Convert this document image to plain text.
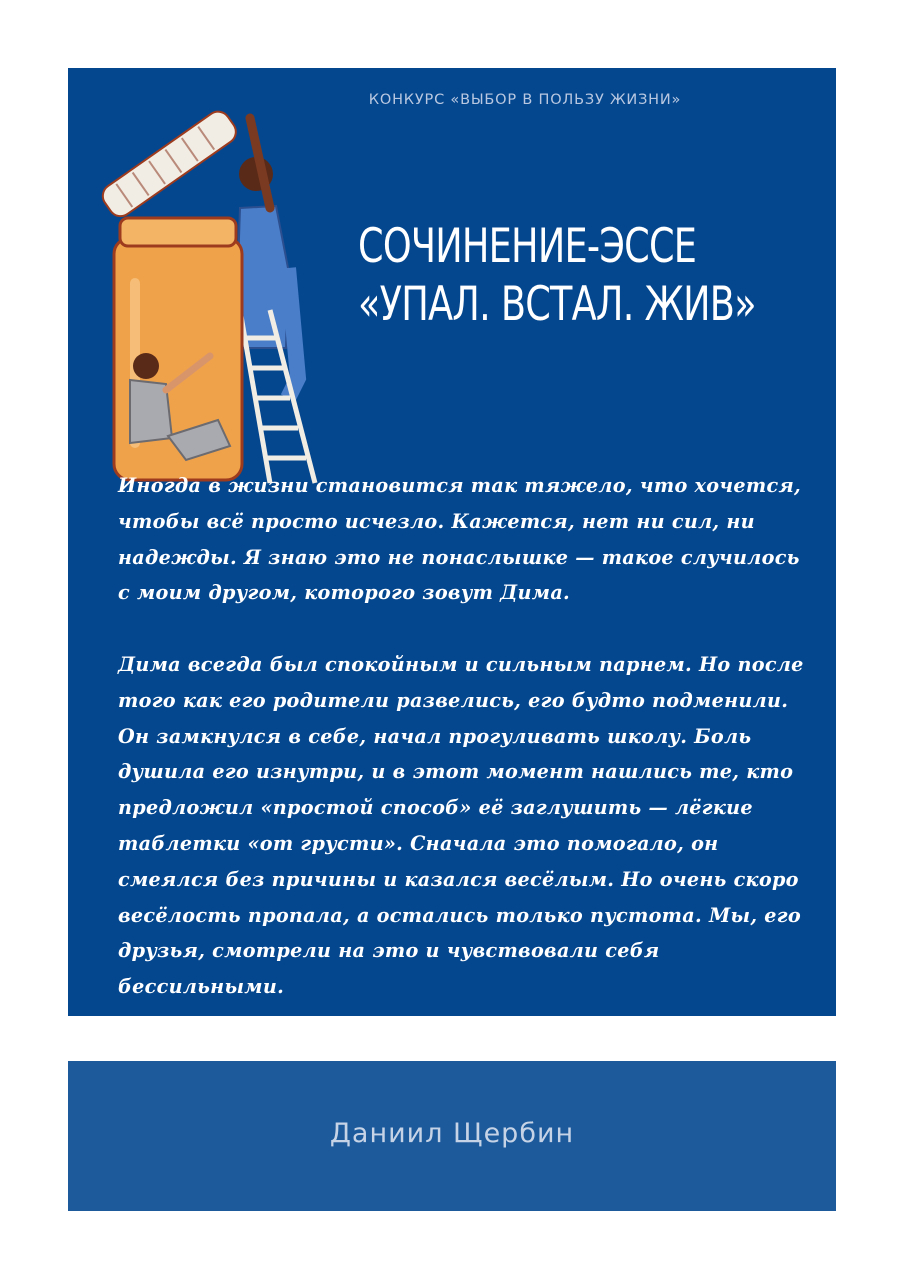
КОНКУРС «ВЫБОР В ПОЛЬЗУ ЖИЗНИ»
СОЧИНЕНИЕ-ЭССЕ
«УПАЛ. ВСТАЛ. ЖИВ»

Иногда в жизни становится так тяжело, что хочется, чтобы всё просто исчезло. Кажется, нет ни сил, ни надежды. Я знаю это не понаслышке — такое случилось с моим другом, которого зовут Дима.

Дима всегда был спокойным и сильным парнем. Но после того как его родители развелись, его будто подменили. Он замкнулся в себе, начал прогуливать школу. Боль душила его изнутри, и в этот момент нашлись те, кто предложил «простой способ» её заглушить — лёгкие таблетки «от грусти». Сначала это помогало, он смеялся без причины и казался весёлым. Но очень скоро весёлость пропала, а остались только пустота. Мы, его друзья, смотрели на это и чувствовали себя бессильными.

Даниил Щербин
